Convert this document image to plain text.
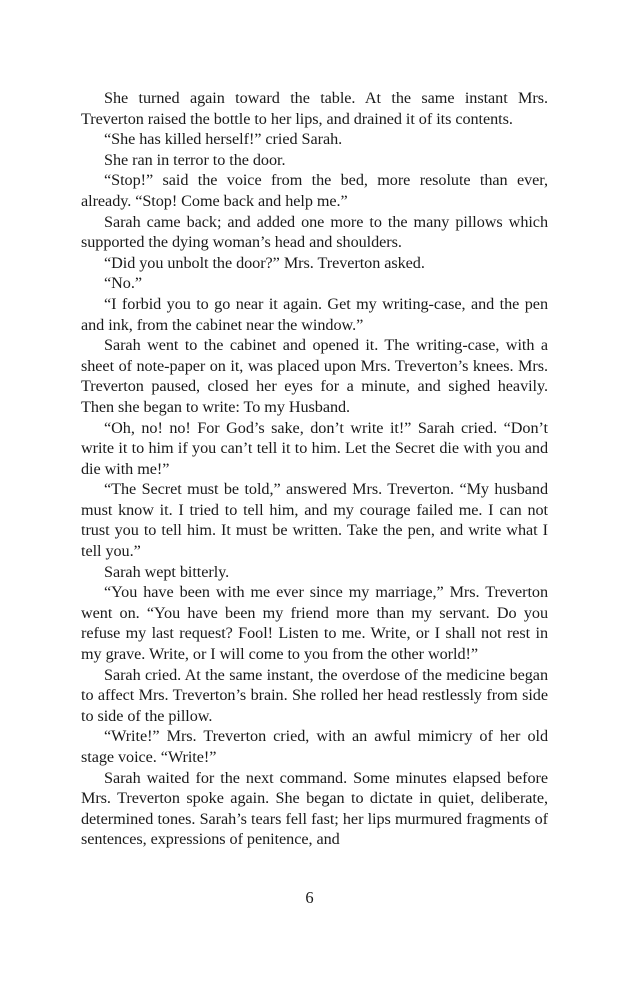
She turned again toward the table. At the same instant Mrs. Treverton raised the bottle to her lips, and drained it of its contents.

“She has killed herself!” cried Sarah.

She ran in terror to the door.

“Stop!” said the voice from the bed, more resolute than ever, already. “Stop! Come back and help me.”

Sarah came back; and added one more to the many pillows which supported the dying woman’s head and shoulders.

“Did you unbolt the door?” Mrs. Treverton asked.

“No.”

“I forbid you to go near it again. Get my writing-case, and the pen and ink, from the cabinet near the window.”

Sarah went to the cabinet and opened it. The writing-case, with a sheet of note-paper on it, was placed upon Mrs. Treverton’s knees. Mrs. Treverton paused, closed her eyes for a minute, and sighed heavily. Then she began to write: To my Husband.

“Oh, no! no! For God’s sake, don’t write it!” Sarah cried. “Don’t write it to him if you can’t tell it to him. Let the Secret die with you and die with me!”

“The Secret must be told,” answered Mrs. Treverton. “My husband must know it. I tried to tell him, and my courage failed me. I can not trust you to tell him. It must be written. Take the pen, and write what I tell you.”

Sarah wept bitterly.

“You have been with me ever since my marriage,” Mrs. Treverton went on. “You have been my friend more than my servant. Do you refuse my last request? Fool! Listen to me. Write, or I shall not rest in my grave. Write, or I will come to you from the other world!”

Sarah cried. At the same instant, the overdose of the medicine began to affect Mrs. Treverton’s brain. She rolled her head restlessly from side to side of the pillow.

“Write!” Mrs. Treverton cried, with an awful mimicry of her old stage voice. “Write!”

Sarah waited for the next command. Some minutes elapsed before Mrs. Treverton spoke again. She began to dictate in quiet, deliberate, determined tones. Sarah’s tears fell fast; her lips murmured fragments of sentences, expressions of penitence, and

6
